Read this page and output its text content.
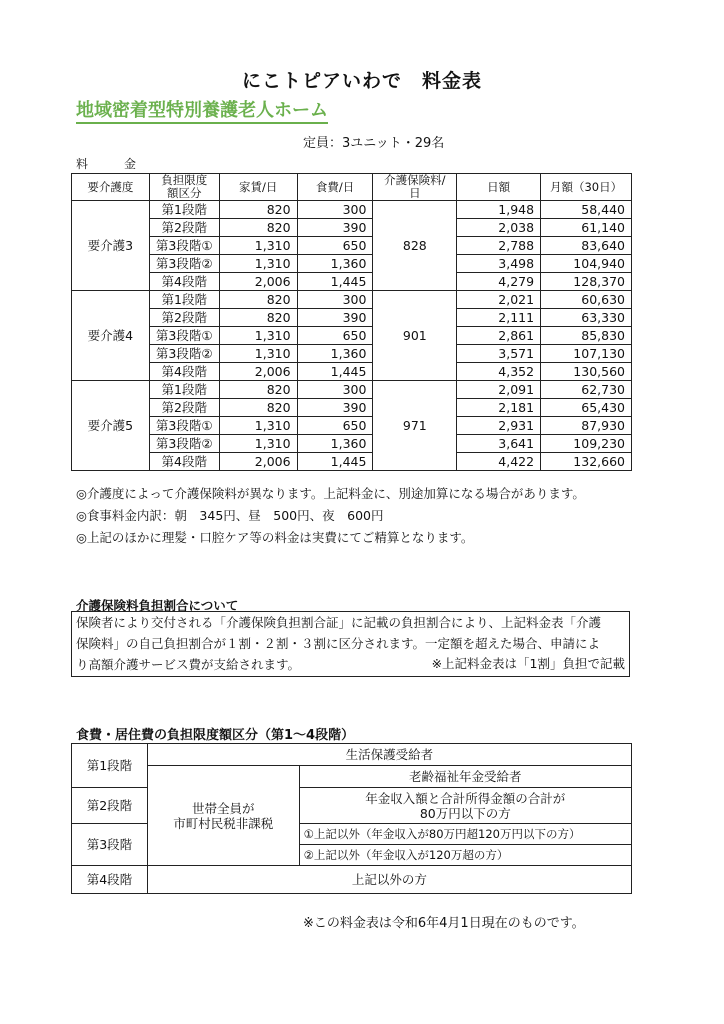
にこトピアいわで　料金表
地域密着型特別養護老人ホーム
定員：3ユニット・29名
料金
要介護度	負担限度額区分	家賃/日	食費/日	介護保険料/日	日額	月額（30日）
要介護3	第1段階	820	300	828	1,948	58,440
	第2段階	820	390		2,038	61,140
	第3段階①	1,310	650		2,788	83,640
	第3段階②	1,310	1,360		3,498	104,940
	第4段階	2,006	1,445		4,279	128,370
要介護4	第1段階	820	300	901	2,021	60,630
	第2段階	820	390		2,111	63,330
	第3段階①	1,310	650		2,861	85,830
	第3段階②	1,310	1,360		3,571	107,130
	第4段階	2,006	1,445		4,352	130,560
要介護5	第1段階	820	300	971	2,091	62,730
	第2段階	820	390		2,181	65,430
	第3段階①	1,310	650		2,931	87,930
	第3段階②	1,310	1,360		3,641	109,230
	第4段階	2,006	1,445		4,422	132,660
◎介護度によって介護保険料が異なります。上記料金に、別途加算になる場合があります。
◎食事料金内訳：朝　345円、昼　500円、夜　600円
◎上記のほかに理髪・口腔ケア等の料金は実費にてご精算となります。
介護保険料負担割合について
保険者により交付される「介護保険負担割合証」に記載の負担割合により、上記料金表「介護
保険料」の自己負担割合が１割・２割・３割に区分されます。一定額を超えた場合、申請によ
り高額介護サービス費が支給されます。	※上記料金表は「1割」負担で記載
食費・居住費の負担限度額区分（第1～4段階）
第1段階	生活保護受給者	

	世帯全員が
市町村民税非課税	老齢福祉年金受給者
第2段階		年金収入額と合計所得金額の合計が
80万円以下の方

第3段階		①上記以外（年金収入が80万円超120万円以下の方）
		②上記以外（年金収入が120万超の方）
第4段階	上記以外の方	
※この料金表は令和6年4月1日現在のものです。
